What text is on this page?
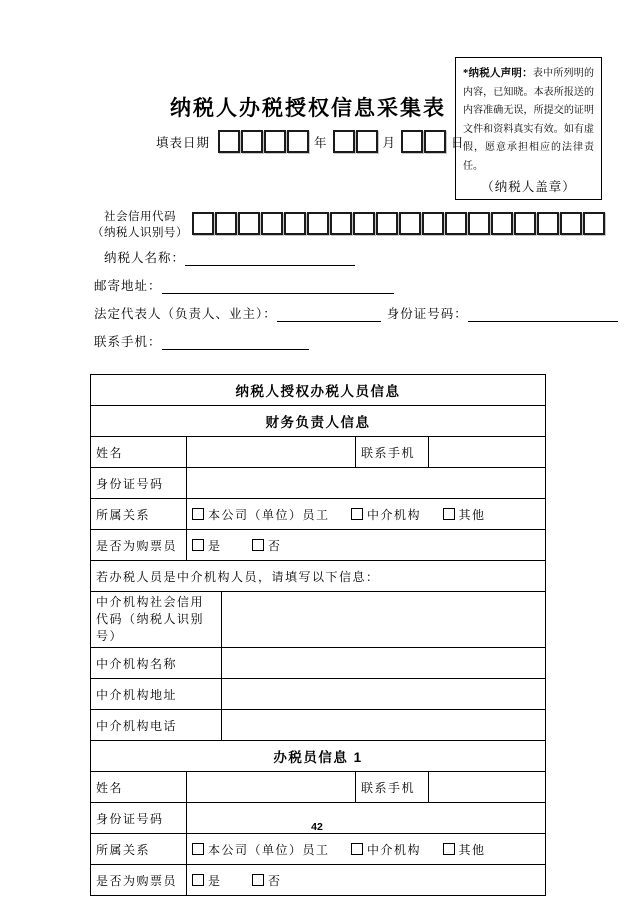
纳税人办税授权信息采集表
填表日期	年	月	日

*纳税人声明：表中所列明的内容，已知晓。本表所报送的内容准确无误，所提交的证明文件和资料真实有效。如有虚假，愿意承担相应的法律责任。

（纳税人盖章）
社会信用代码
（纳税人识别号）
纳税人名称：
邮寄地址：
法定代表人（负责人、业主）：	身份证号码：
联系手机：
纳税人授权办税人员信息				
财务负责人信息				
姓名			联系手机	
身份证号码				
所属关系	本公司（单位）员工 中介机构 其他			
是否为购票员	是 否			
若办税人员是中介机构人员，请填写以下信息：				
中介机构社会信用代码（纳税人识别号）				
中介机构名称				
中介机构地址				
中介机构电话				
办税员信息 1				
姓名			联系手机	
身份证号码				
所属关系	本公司（单位）员工 中介机构 其他			
是否为购票员	是 否			
42
